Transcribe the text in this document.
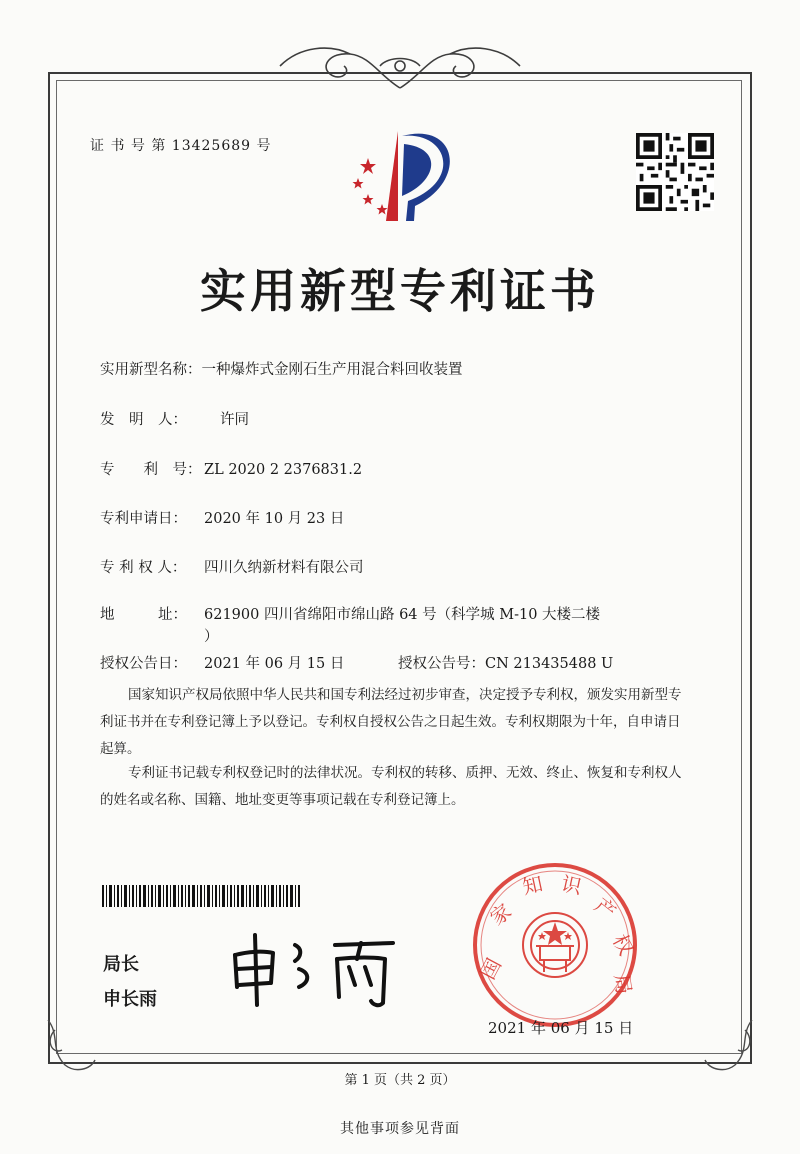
证 书 号 第 13425689 号
实用新型专利证书
实用新型名称：一种爆炸式金刚石生产用混合料回收装置
发　明　人： 许同
专　　利　号： ZL 2020 2 2376831.2
专利申请日： 2020 年 10 月 23 日
专 利 权 人： 四川久纳新材料有限公司
地　　　址： 621900 四川省绵阳市绵山路 64 号（科学城 M-10 大楼二楼
）
授权公告日： 2021 年 06 月 15 日	授权公告号：CN 213435488 U
国家知识产权局依照中华人民共和国专利法经过初步审查，决定授予专利权，颁发实用新型专利证书并在专利登记簿上予以登记。专利权自授权公告之日起生效。专利权期限为十年，自申请日起算。
专利证书记载专利权登记时的法律状况。专利权的转移、质押、无效、终止、恢复和专利权人的姓名或名称、国籍、地址变更等事项记载在专利登记簿上。
局长
申长雨
国
家
知 识
产
权
局
2021 年 06 月 15 日
第 1 页（共 2 页）
其他事项参见背面
